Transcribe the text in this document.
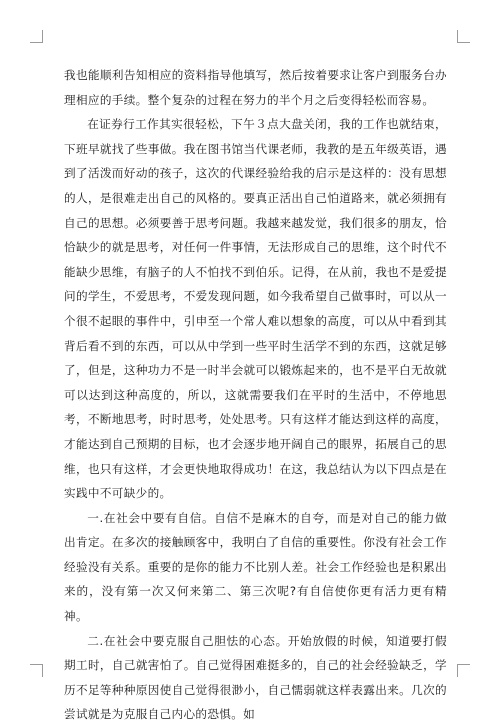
我也能顺利告知相应的资料指导他填写，然后按着要求让客户到服务台办理相应的手续。整个复杂的过程在努力的半个月之后变得轻松而容易。

在证券行工作其实很轻松，下午３点大盘关闭，我的工作也就结束，下班早就找了些事做。我在图书馆当代课老师，我教的是五年级英语，遇到了活泼而好动的孩子，这次的代课经验给我的启示是这样的：没有思想的人，是很难走出自己的风格的。要真正活出自己怕道路来，就必须拥有自己的思想。必须要善于思考问题。我越来越发觉，我们很多的朋友，恰恰缺少的就是思考，对任何一件事情，无法形成自己的思维，这个时代不能缺少思维，有脑子的人不怕找不到伯乐。记得，在从前，我也不是爱提问的学生，不爱思考，不爱发现问题，如今我希望自己做事时，可以从一个很不起眼的事件中，引申至一个常人难以想象的高度，可以从中看到其背后看不到的东西，可以从中学到一些平时生活学不到的东西，这就足够了，但是，这种功力不是一时半会就可以锻炼起来的，也不是平白无故就可以达到这种高度的，所以，这就需要我们在平时的生活中，不停地思考，不断地思考，时时思考，处处思考。只有这样才能达到这样的高度，才能达到自己预期的目标，也才会逐步地开阔自己的眼界，拓展自己的思维，也只有这样，才会更快地取得成功！在这，我总结认为以下四点是在实践中不可缺少的。

一.在社会中要有自信。自信不是麻木的自夸，而是对自己的能力做出肯定。在多次的接触顾客中，我明白了自信的重要性。你没有社会工作经验没有关系。重要的是你的能力不比别人差。社会工作经验也是积累出来的，没有第一次又何来第二、第三次呢?有自信使你更有活力更有精神。

二.在社会中要克服自己胆怯的心态。开始放假的时候，知道要打假期工时，自己就害怕了。自己觉得困难挺多的，自己的社会经验缺乏，学历不足等种种原因使自己觉得很渺小，自己懦弱就这样表露出来。几次的尝试就是为克服自己内心的恐惧。如
